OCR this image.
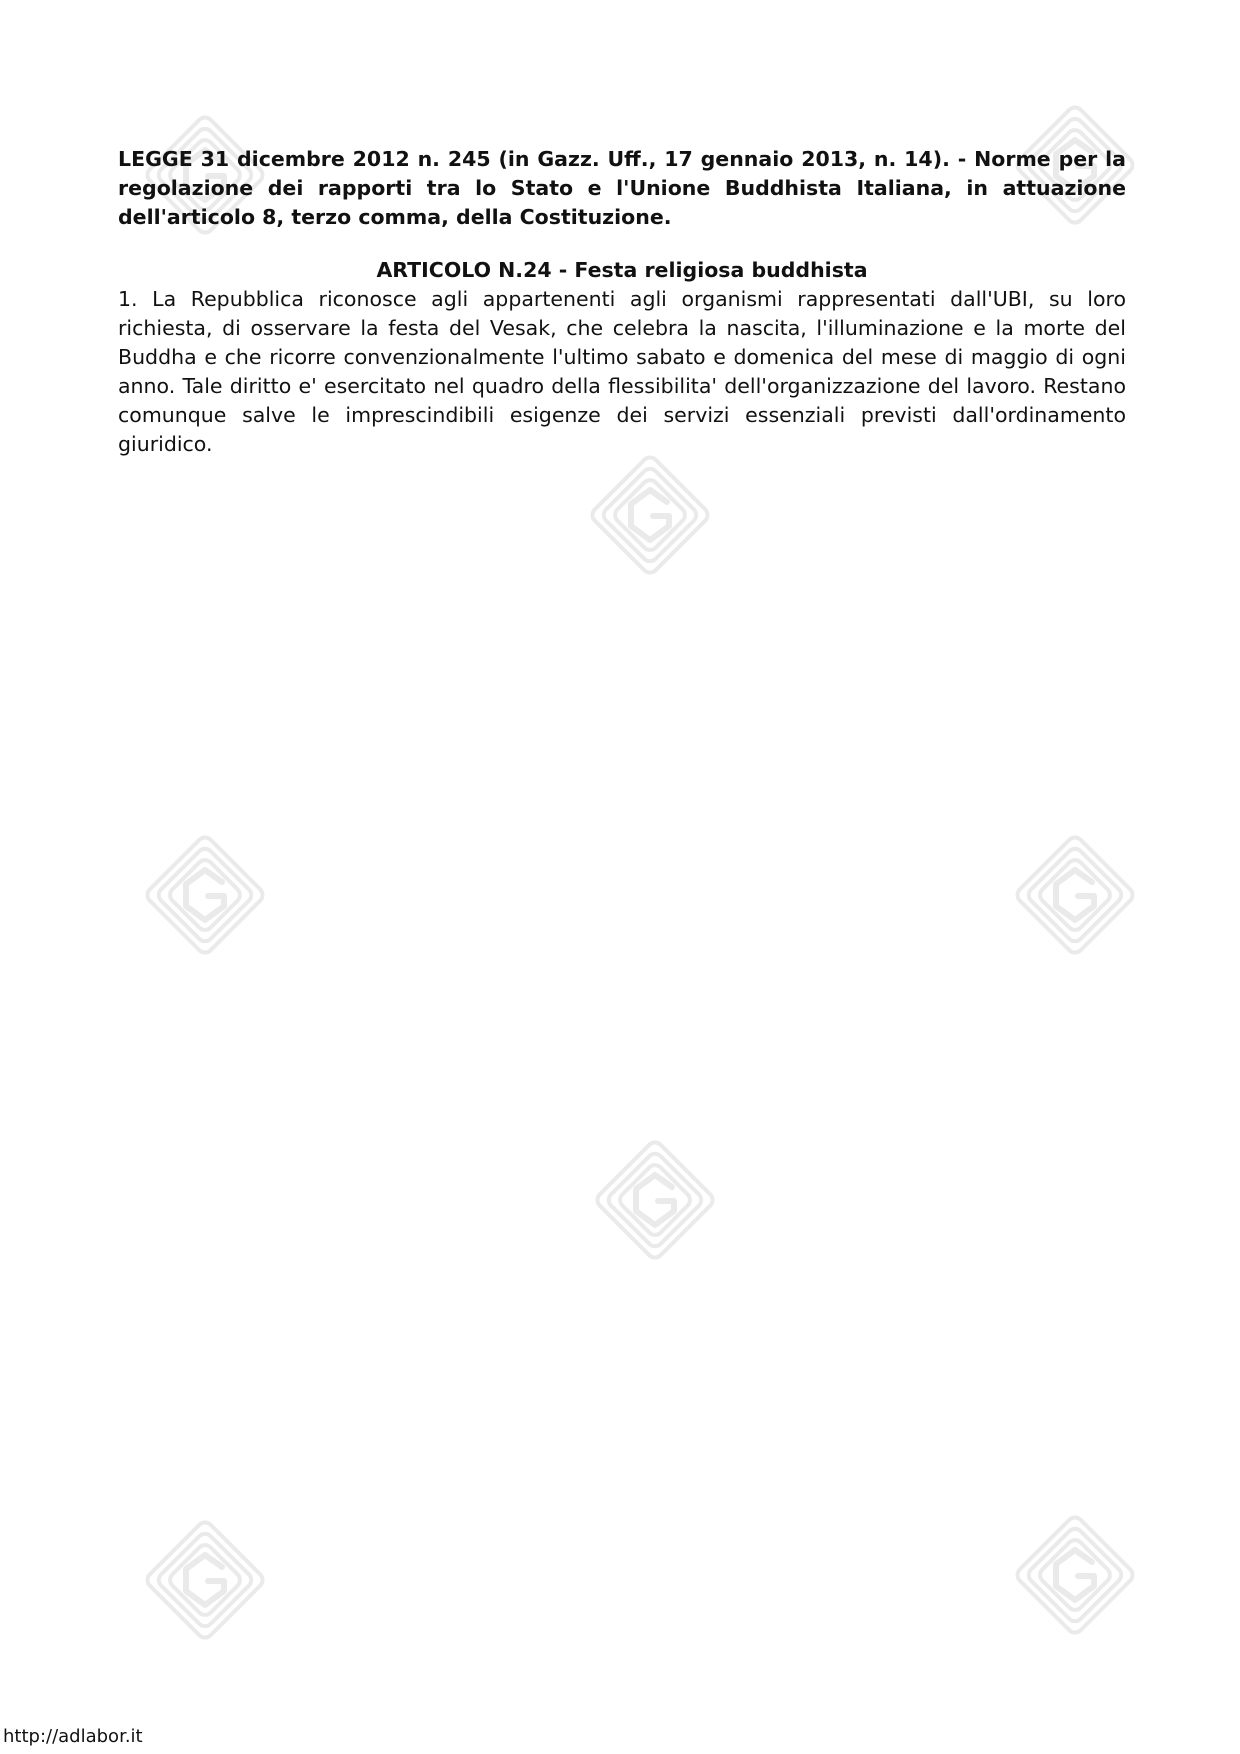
LEGGE 31 dicembre 2012 n. 245 (in Gazz. Uff., 17 gennaio 2013, n. 14). - Norme per la regolazione dei rapporti tra lo Stato e l'Unione Buddhista Italiana, in attuazione dell'articolo 8, terzo comma, della Costituzione.

ARTICOLO N.24 - Festa religiosa buddhista

1. La Repubblica riconosce agli appartenenti agli organismi rappresentati dall'UBI, su loro richiesta, di osservare la festa del Vesak, che celebra la nascita, l'illuminazione e la morte del Buddha e che ricorre convenzionalmente l'ultimo sabato e domenica del mese di maggio di ogni anno. Tale diritto e' esercitato nel quadro della flessibilita' dell'organizzazione del lavoro. Restano comunque salve le imprescindibili esigenze dei servizi essenziali previsti dall'ordinamento giuridico.

http://adlabor.it
